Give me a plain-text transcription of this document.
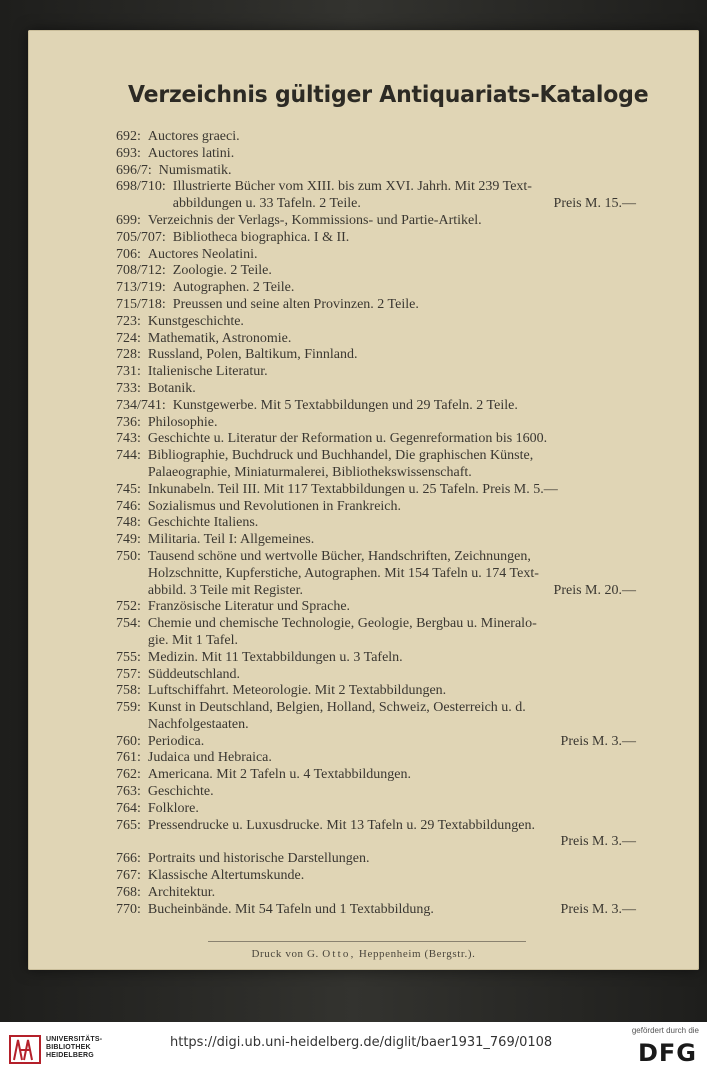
Verzeichnis gültiger Antiquariats-Kataloge
692: Auctores graeci.
693: Auctores latini.
696/7: Numismatik.
698/710: Illustrierte Bücher vom XIII. bis zum XVI. Jahrh. Mit 239 Text-
abbildungen u. 33 Tafeln. 2 Teile.	Preis M. 15.—
699: Verzeichnis der Verlags-, Kommissions- und Partie-Artikel.
705/707: Bibliotheca biographica. I & II.
706: Auctores Neolatini.
708/712: Zoologie. 2 Teile.
713/719: Autographen. 2 Teile.
715/718: Preussen und seine alten Provinzen. 2 Teile.
723: Kunstgeschichte.
724: Mathematik, Astronomie.
728: Russland, Polen, Baltikum, Finnland.
731: Italienische Literatur.
733: Botanik.
734/741: Kunstgewerbe. Mit 5 Textabbildungen und 29 Tafeln. 2 Teile.
736: Philosophie.
743: Geschichte u. Literatur der Reformation u. Gegenreformation bis 1600.
744: Bibliographie, Buchdruck und Buchhandel, Die graphischen Künste,
Palaeographie, Miniaturmalerei, Bibliothekswissenschaft.
745: Inkunabeln. Teil III. Mit 117 Textabbildungen u. 25 Tafeln. Preis M. 5.—
746: Sozialismus und Revolutionen in Frankreich.
748: Geschichte Italiens.
749: Militaria. Teil I: Allgemeines.
750: Tausend schöne und wertvolle Bücher, Handschriften, Zeichnungen,
Holzschnitte, Kupferstiche, Autographen. Mit 154 Tafeln u. 174 Text-
abbild. 3 Teile mit Register.	Preis M. 20.—
752: Französische Literatur und Sprache.
754: Chemie und chemische Technologie, Geologie, Bergbau u. Mineralo-
gie. Mit 1 Tafel.
755: Medizin. Mit 11 Textabbildungen u. 3 Tafeln.
757: Süddeutschland.
758: Luftschiffahrt. Meteorologie. Mit 2 Textabbildungen.
759: Kunst in Deutschland, Belgien, Holland, Schweiz, Oesterreich u. d.
Nachfolgestaaten.
760: Periodica.	Preis M. 3.—
761: Judaica und Hebraica.
762: Americana. Mit 2 Tafeln u. 4 Textabbildungen.
763: Geschichte.
764: Folklore.
765: Pressendrucke u. Luxusdrucke. Mit 13 Tafeln u. 29 Textabbildungen.
Preis M. 3.—
766: Portraits und historische Darstellungen.
767: Klassische Altertumskunde.
768: Architektur.
770: Bucheinbände. Mit 54 Tafeln und 1 Textabbildung.	Preis M. 3.—
Druck von G. Otto, Heppenheim (Bergstr.).
UNIVERSITÄTS-
BIBLIOTHEK
HEIDELBERG
https://digi.ub.uni-heidelberg.de/diglit/baer1931_769/0108
gefördert durch die
DFG
